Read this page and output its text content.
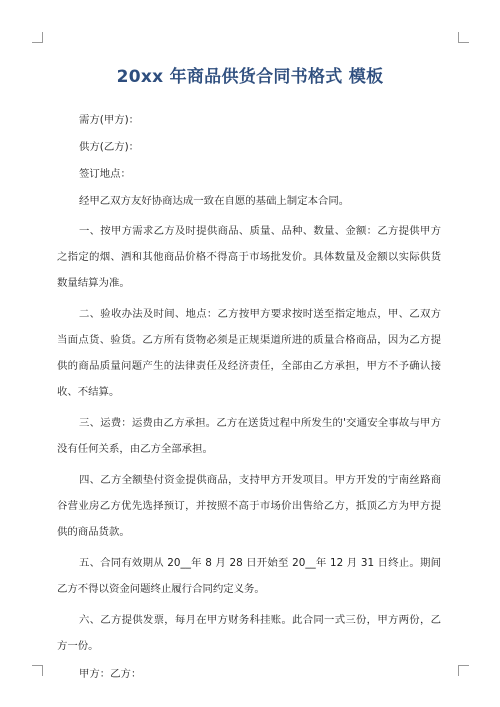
20xx 年商品供货合同书格式 模板

需方(甲方)：

供方(乙方)：

签订地点：

经甲乙双方友好协商达成一致在自愿的基础上制定本合同。

一、按甲方需求乙方及时提供商品、质量、品种、数量、金额：乙方提供甲方之指定的烟、酒和其他商品价格不得高于市场批发价。具体数量及金额以实际供货数量结算为准。

二、验收办法及时间、地点：乙方按甲方要求按时送至指定地点，甲、乙双方当面点货、验货。乙方所有货物必须是正规渠道所进的质量合格商品，因为乙方提供的商品质量问题产生的法律责任及经济责任，全部由乙方承担，甲方不予确认接收、不结算。

三、运费：运费由乙方承担。乙方在送货过程中所发生的'交通安全事故与甲方没有任何关系，由乙方全部承担。

四、乙方全额垫付资金提供商品，支持甲方开发项目。甲方开发的宁南丝路商谷营业房乙方优先选择预订，并按照不高于市场价出售给乙方，抵顶乙方为甲方提供的商品货款。

五、合同有效期从 20__年 8 月 28 日开始至 20__年 12 月 31 日终止。期间乙方不得以资金问题终止履行合同约定义务。

六、乙方提供发票，每月在甲方财务科挂账。此合同一式三份，甲方两份，乙方一份。

甲方：乙方：
